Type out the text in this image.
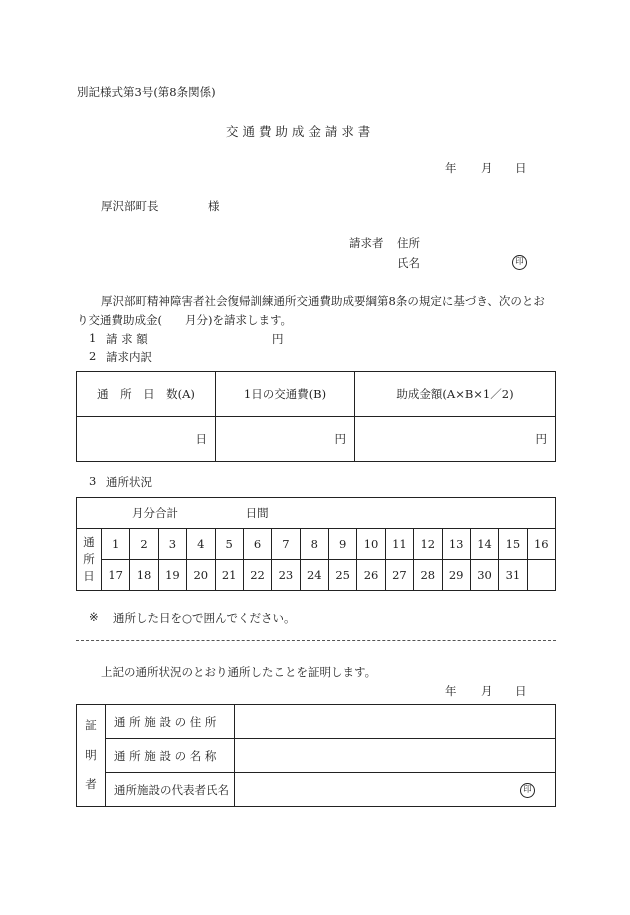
別記様式第3号(第8条関係)
交 通 費 助 成 金 請 求 書
年 月 日
厚沢部町長	様
請求者 住所
氏名	印
厚沢部町精神障害者社会復帰訓練通所交通費助成要綱第8条の規定に基づき、次のとお
り交通費助成金(　　月分)を請求します。
1 請 求 額	円
2 請求内訳
通　所　日　数(A)	1日の交通費(B)	助成金額(A×B×1／2)
日	円	円
3 通所状況
月分合計 日間																
通
所
日	1	2	3	4	5	6	7	8	9	10	11	12	13	14	15	16
	17	18	19	20	21	22	23	24	25	26	27	28	29	30	31	
※ 通所した日を○で囲んでください。
上記の通所状況のとおり通所したことを証明します。
年 月 日
証
明
者	通 所 施 設 の 住 所	
	通 所 施 設 の 名 称	
	通所施設の代表者氏名	印
